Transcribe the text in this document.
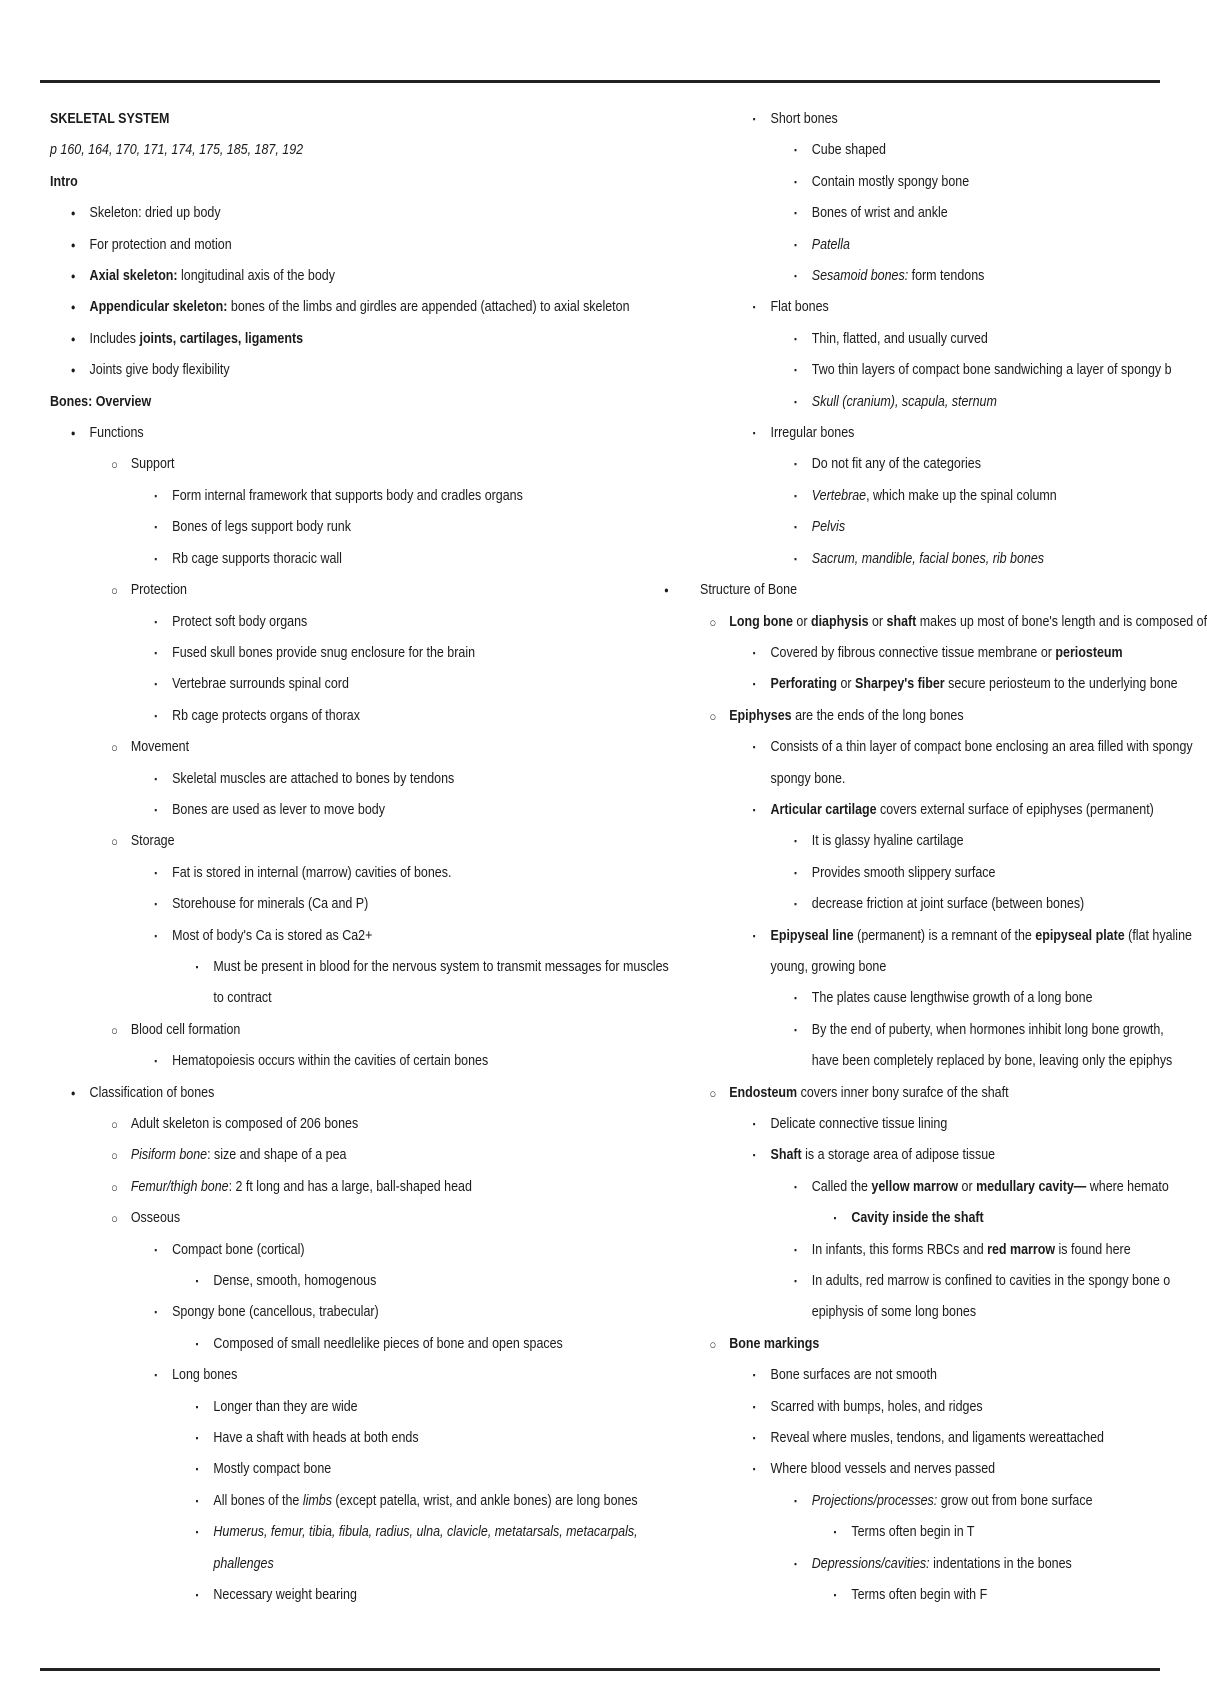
SKELETAL SYSTEM
p 160, 164, 170, 171, 174, 175, 185, 187, 192
Intro
● Skeleton: dried up body
● For protection and motion
● Axial skeleton: longitudinal axis of the body
● Appendicular skeleton: bones of the limbs and girdles are appended (attached) to axial skeleton
● Includes joints, cartilages, ligaments
● Joints give body flexibility
Bones: Overview
● Functions
○ Support
▪	Form internal framework that supports body and cradles organs
▪	Bones of legs support body runk
▪	Rb cage supports thoracic wall
○ Protection
▪	Protect soft body organs
▪	Fused skull bones provide snug enclosure for the brain
▪	Vertebrae surrounds spinal cord
▪	Rb cage protects organs of thorax
○ Movement
▪	Skeletal muscles are attached to bones by tendons
▪	Bones are used as lever to move body
○ Storage
▪	Fat is stored in internal (marrow) cavities of bones.
▪	Storehouse for minerals (Ca and P)
▪	Most of body's Ca is stored as Ca2+
▪	Must be present in blood for the nervous system to transmit messages for muscles
to contract
○ Blood cell formation
▪	Hematopoiesis occurs within the cavities of certain bones
● Classification of bones
○ Adult skeleton is composed of 206 bones
○ Pisiform bone: size and shape of a pea
○ Femur/thigh bone: 2 ft long and has a large, ball-shaped head
○ Osseous
▪	Compact bone (cortical)
▪	Dense, smooth, homogenous
▪	Spongy bone (cancellous, trabecular)
▪	Composed of small needlelike pieces of bone and open spaces
▪	Long bones
▪	Longer than they are wide
▪	Have a shaft with heads at both ends
▪	Mostly compact bone
▪	All bones of the limbs (except patella, wrist, and ankle bones) are long bones
▪	Humerus, femur, tibia, fibula, radius, ulna, clavicle, metatarsals, metacarpals,
phallenges
▪	Necessary weight bearing
▪	Short bones
▪	Cube shaped
▪	Contain mostly spongy bone
▪	Bones of wrist and ankle
▪	Patella
▪	Sesamoid bones: form tendons
▪	Flat bones
▪	Thin, flatted, and usually curved
▪	Two thin layers of compact bone sandwiching a layer of spongy b
▪	Skull (cranium), scapula, sternum
▪	Irregular bones
▪	Do not fit any of the categories
▪	Vertebrae, which make up the spinal column
▪	Pelvis
▪	Sacrum, mandible, facial bones, rib bones
● Structure of Bone
○ Long bone or diaphysis or shaft makes up most of bone's length and is composed of
▪	Covered by fibrous connective tissue membrane or periosteum
▪	Perforating or Sharpey's fiber secure periosteum to the underlying bone
○ Epiphyses are the ends of the long bones
▪	Consists of a thin layer of compact bone enclosing an area filled with spongy
spongy bone.
▪	Articular cartilage covers external surface of epiphyses (permanent)
▪	It is glassy hyaline cartilage
▪	Provides smooth slippery surface
▪	decrease friction at joint surface (between bones)
▪	Epipyseal line (permanent) is a remnant of the epipyseal plate (flat hyaline
young, growing bone
▪	The plates cause lengthwise growth of a long bone
▪	By the end of puberty, when hormones inhibit long bone growth,
have been completely replaced by bone, leaving only the epiphys
○ Endosteum covers inner bony surafce of the shaft
▪	Delicate connective tissue lining
▪	Shaft is a storage area of adipose tissue
▪	Called the yellow marrow or medullary cavity— where hemato
▪	Cavity inside the shaft
▪	In infants, this forms RBCs and red marrow is found here
▪	In adults, red marrow is confined to cavities in the spongy bone o
epiphysis of some long bones
○ Bone markings
▪	Bone surfaces are not smooth
▪	Scarred with bumps, holes, and ridges
▪	Reveal where musles, tendons, and ligaments wereattached
▪	Where blood vessels and nerves passed
▪	Projections/processes: grow out from bone surface
▪	Terms often begin in T
▪	Depressions/cavities: indentations in the bones
▪	Terms often begin with F
